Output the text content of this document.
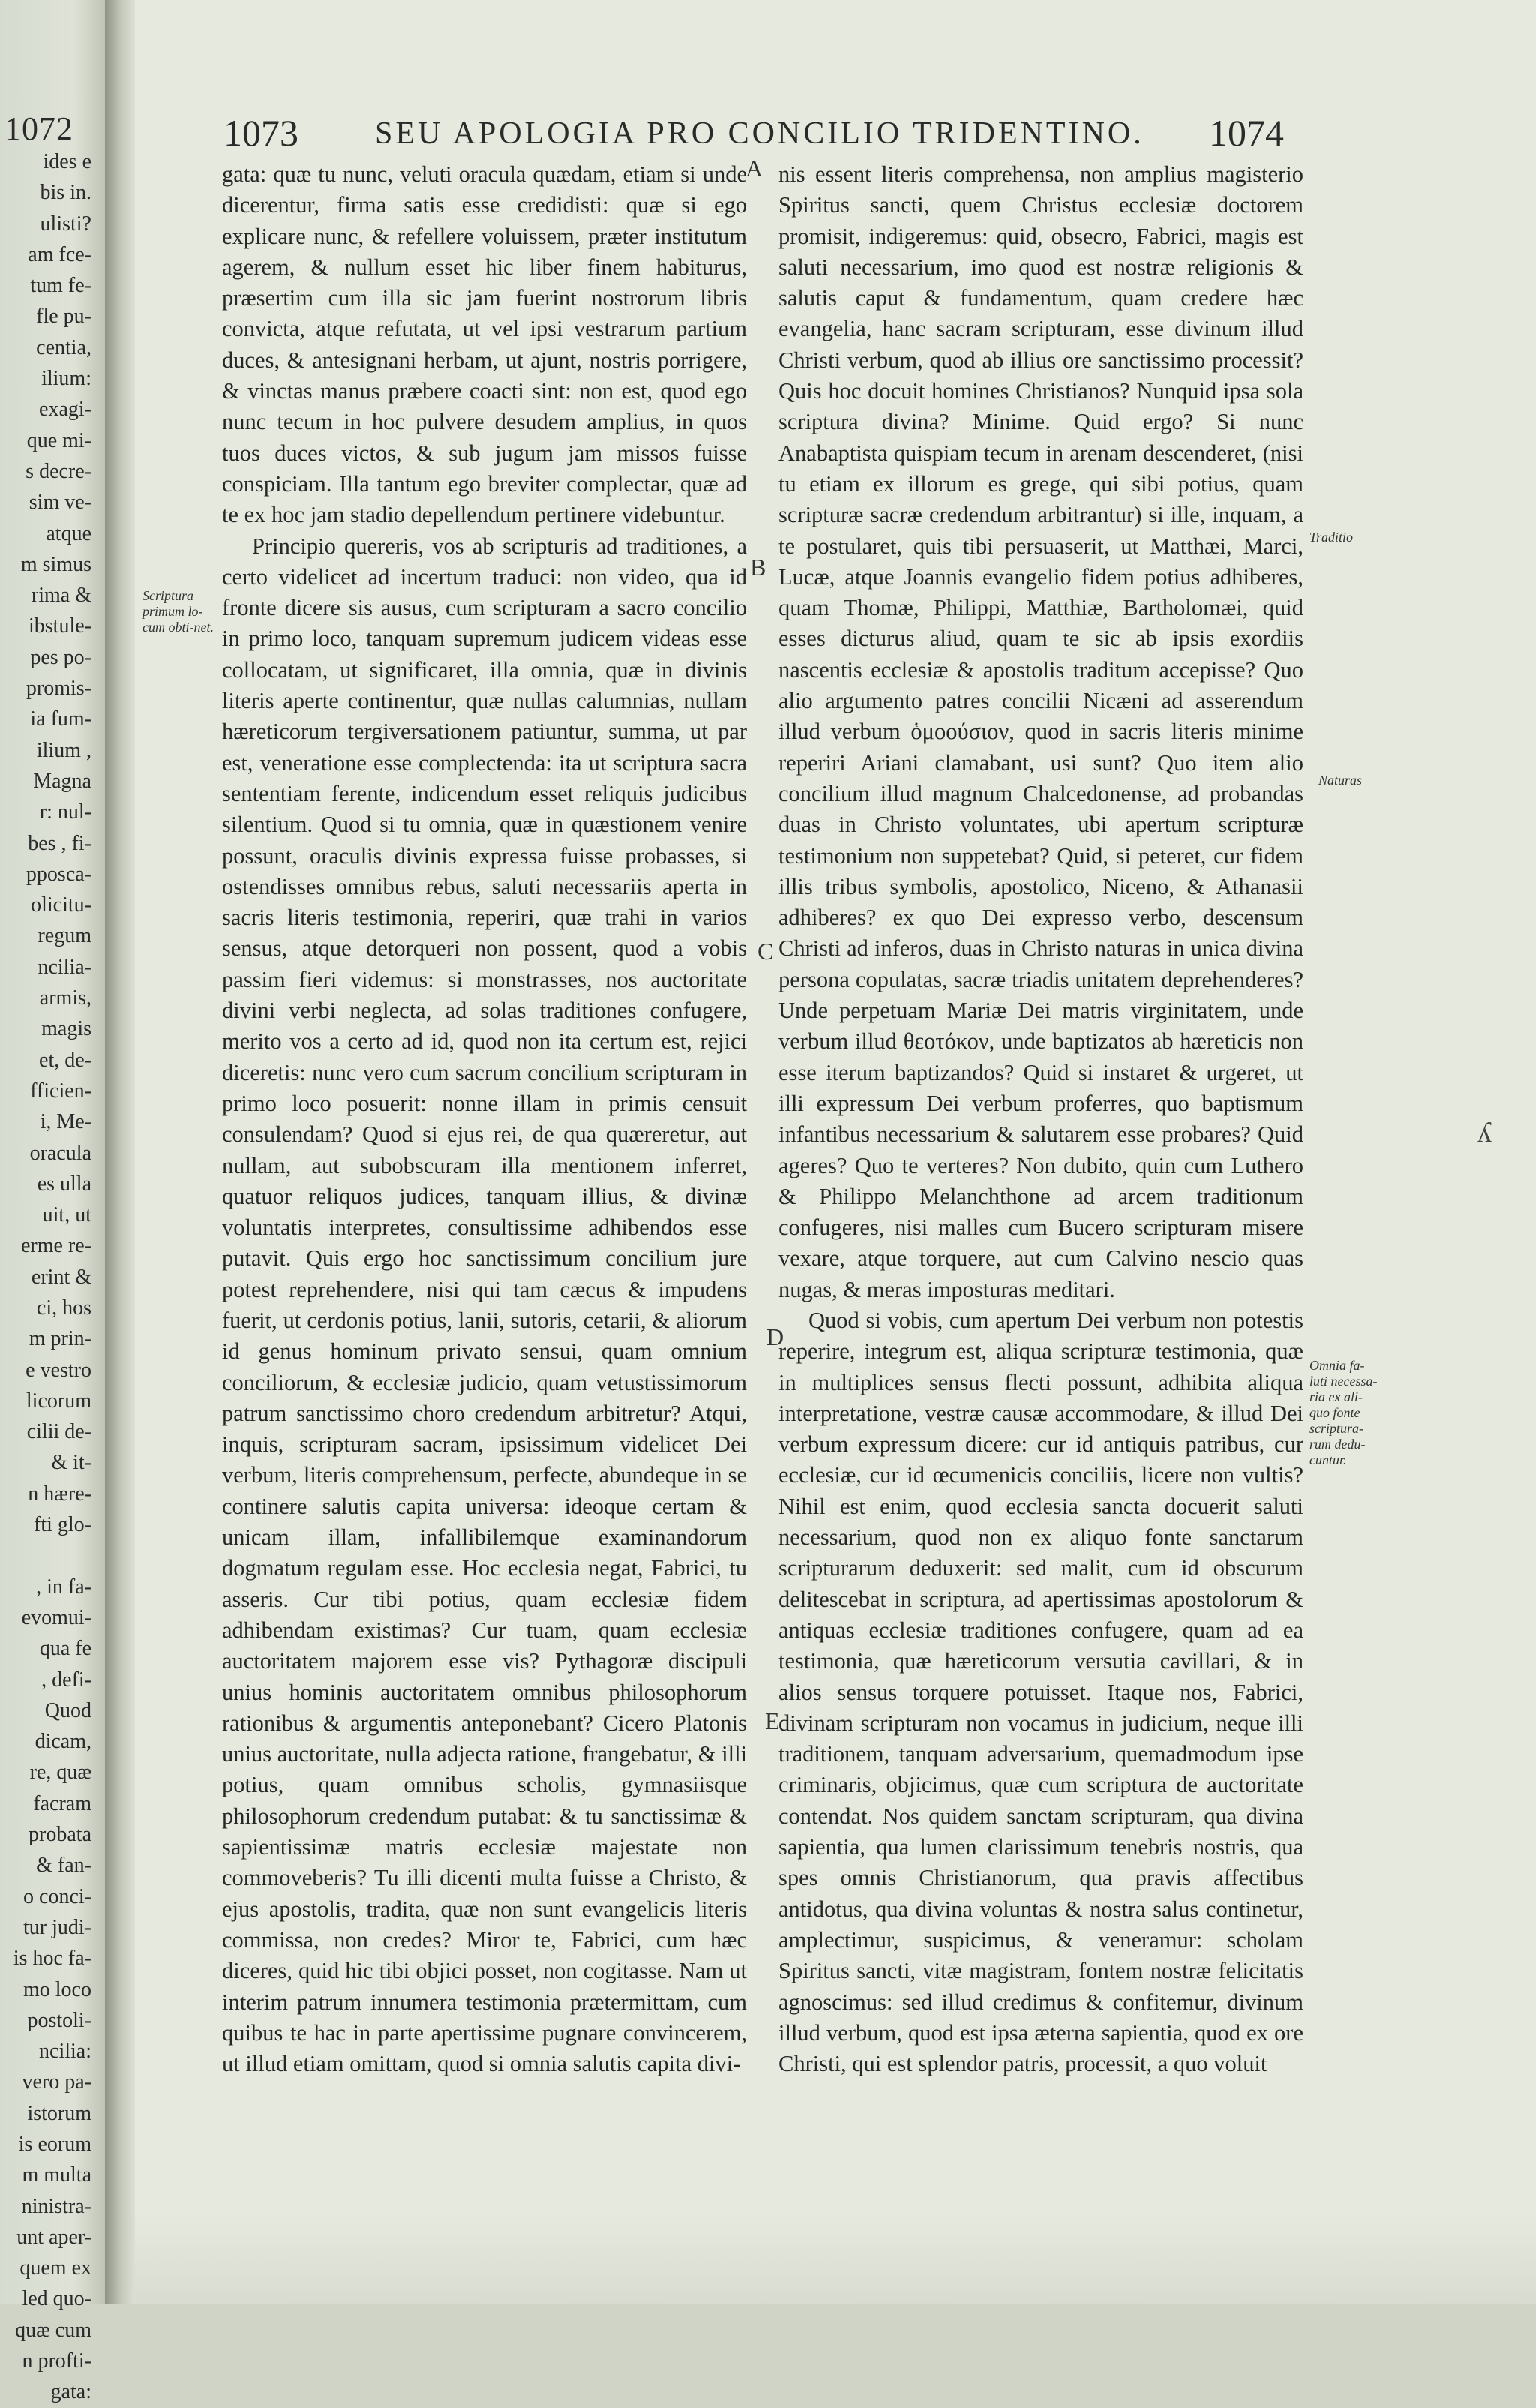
1072
ides e
bis in.
ulisti?
am fce-
tum fe-
fle pu-
centia,
ilium:
exagi-
que mi-
s decre-
sim ve-
atque
m simus
rima &
ibstule-
pes po-
promis-
ia fum-
ilium ,
Magna
r: nul-
bes , fi-
pposca-
olicitu-
regum
ncilia-
armis,
magis
et, de-
fficien-
i, Me-
oracula
es ulla
uit, ut
erme re-
erint &
ci, hos
m prin-
e vestro
licorum
cilii de-
& it-
n hære-
fti glo-

, in fa-
evomui-
qua fe
, defi-
Quod
dicam,
re, quæ
facram
probata
& fan-
o conci-
tur judi-
is hoc fa-
mo loco
postoli-
ncilia:
vero pa-
istorum
is eorum
m multa
ninistra-
unt aper-
quem ex
led quo-
quæ cum
n profti-
gata:
1073 SEU APOLOGIA PRO CONCILIO TRIDENTINO. 1074

gata: quæ tu nunc, veluti oracula quædam, etiam si unde dicerentur, firma satis esse credidisti: quæ si ego explicare nunc, & refellere voluissem, præter institutum agerem, & nullum esset hic liber finem habiturus, præsertim cum illa sic jam fuerint nostrorum libris convicta, atque refutata, ut vel ipsi vestrarum partium duces, & antesignani herbam, ut ajunt, nostris porrigere, & vinctas manus præbere coacti sint: non est, quod ego nunc tecum in hoc pulvere desudem amplius, in quos tuos duces victos, & sub jugum jam missos fuisse conspiciam. Illa tantum ego breviter complectar, quæ ad te ex hoc jam stadio depellendum pertinere videbuntur.

Principio quereris, vos ab scripturis ad traditiones, a certo videlicet ad incertum traduci: non video, qua id fronte dicere sis ausus, cum scripturam a sacro concilio in primo loco, tanquam supremum judicem videas esse collocatam, ut significaret, illa omnia, quæ in divinis literis aperte continentur, quæ nullas calumnias, nullam hæreticorum tergiversationem patiuntur, summa, ut par est, veneratione esse complectenda: ita ut scriptura sacra sententiam ferente, indicendum esset reliquis judicibus silentium. Quod si tu omnia, quæ in quæstionem venire possunt, oraculis divinis expressa fuisse probasses, si ostendisses omnibus rebus, saluti necessariis aperta in sacris literis testimonia, reperiri, quæ trahi in varios sensus, atque detorqueri non possent, quod a vobis passim fieri videmus: si monstrasses, nos auctoritate divini verbi neglecta, ad solas traditiones confugere, merito vos a certo ad id, quod non ita certum est, rejici diceretis: nunc vero cum sacrum concilium scripturam in primo loco posuerit: nonne illam in primis censuit consulendam? Quod si ejus rei, de qua quæreretur, aut nullam, aut subobscuram illa mentionem inferret, quatuor reliquos judices, tanquam illius, & divinæ voluntatis interpretes, consultissime adhibendos esse putavit. Quis ergo hoc sanctissimum concilium jure potest reprehendere, nisi qui tam cæcus & impudens fuerit, ut cerdonis potius, lanii, sutoris, cetarii, & aliorum id genus hominum privato sensui, quam omnium conciliorum, & ecclesiæ judicio, quam vetustissimorum patrum sanctissimo choro credendum arbitretur? Atqui, inquis, scripturam sacram, ipsissimum videlicet Dei verbum, literis comprehensum, perfecte, abundeque in se continere salutis capita universa: ideoque certam & unicam illam, infallibilemque examinandorum dogmatum regulam esse. Hoc ecclesia negat, Fabrici, tu asseris. Cur tibi potius, quam ecclesiæ fidem adhibendam existimas? Cur tuam, quam ecclesiæ auctoritatem majorem esse vis? Pythagoræ discipuli unius hominis auctoritatem omnibus philosophorum rationibus & argumentis anteponebant? Cicero Platonis unius auctoritate, nulla adjecta ratione, frangebatur, & illi potius, quam omnibus scholis, gymnasiisque philosophorum credendum putabat: & tu sanctissimæ & sapientissimæ matris ecclesiæ majestate non commoveberis? Tu illi dicenti multa fuisse a Christo, & ejus apostolis, tradita, quæ non sunt evangelicis literis commissa, non credes? Miror te, Fabrici, cum hæc diceres, quid hic tibi objici posset, non cogitasse. Nam ut interim patrum innumera testimonia prætermittam, cum quibus te hac in parte apertissime pugnare convincerem, ut illud etiam omittam, quod si omnia salutis capita divi-

nis essent literis comprehensa, non amplius magisterio Spiritus sancti, quem Christus ecclesiæ doctorem promisit, indigeremus: quid, obsecro, Fabrici, magis est saluti necessarium, imo quod est nostræ religionis & salutis caput & fundamentum, quam credere hæc evangelia, hanc sacram scripturam, esse divinum illud Christi verbum, quod ab illius ore sanctissimo processit? Quis hoc docuit homines Christianos? Nunquid ipsa sola scriptura divina? Minime. Quid ergo? Si nunc Anabaptista quispiam tecum in arenam descenderet, (nisi tu etiam ex illorum es grege, qui sibi potius, quam scripturæ sacræ credendum arbitrantur) si ille, inquam, a te postularet, quis tibi persuaserit, ut Matthæi, Marci, Lucæ, atque Joannis evangelio fidem potius adhiberes, quam Thomæ, Philippi, Matthiæ, Bartholomæi, quid esses dicturus aliud, quam te sic ab ipsis exordiis nascentis ecclesiæ & apostolis traditum accepisse? Quo alio argumento patres concilii Nicæni ad asserendum illud verbum ὁμοούσιον, quod in sacris literis minime reperiri Ariani clamabant, usi sunt? Quo item alio concilium illud magnum Chalcedonense, ad probandas duas in Christo voluntates, ubi apertum scripturæ testimonium non suppetebat? Quid, si peteret, cur fidem illis tribus symbolis, apostolico, Niceno, & Athanasii adhiberes? ex quo Dei expresso verbo, descensum Christi ad inferos, duas in Christo naturas in unica divina persona copulatas, sacræ triadis unitatem deprehenderes? Unde perpetuam Mariæ Dei matris virginitatem, unde verbum illud θεοτόκον, unde baptizatos ab hæreticis non esse iterum baptizandos? Quid si instaret & urgeret, ut illi expressum Dei verbum proferres, quo baptismum infantibus necessarium & salutarem esse probares? Quid ageres? Quo te verteres? Non dubito, quin cum Luthero & Philippo Melanchthone ad arcem traditionum confugeres, nisi malles cum Bucero scripturam misere vexare, atque torquere, aut cum Calvino nescio quas nugas, & meras imposturas meditari.

Quod si vobis, cum apertum Dei verbum non potestis reperire, integrum est, aliqua scripturæ testimonia, quæ in multiplices sensus flecti possunt, adhibita aliqua interpretatione, vestræ causæ accommodare, & illud Dei verbum expressum dicere: cur id antiquis patribus, cur ecclesiæ, cur id œcumenicis conciliis, licere non vultis? Nihil est enim, quod ecclesia sancta docuerit saluti necessarium, quod non ex aliquo fonte sanctarum scripturarum deduxerit: sed malit, cum id obscurum delitescebat in scriptura, ad apertissimas apostolorum & antiquas ecclesiæ traditiones confugere, quam ad ea testimonia, quæ hæreticorum versutia cavillari, & in alios sensus torquere potuisset. Itaque nos, Fabrici, divinam scripturam non vocamus in judicium, neque illi traditionem, tanquam adversarium, quemadmodum ipse criminaris, objicimus, quæ cum scriptura de auctoritate contendat. Nos quidem sanctam scripturam, qua divina sapientia, qua lumen clarissimum tenebris nostris, qua spes omnis Christianorum, qua pravis affectibus antidotus, qua divina voluntas & nostra salus continetur, amplectimur, suspicimus, & veneramur: scholam Spiritus sancti, vitæ magistram, fontem nostræ felicitatis agnoscimus: sed illud credimus & confitemur, divinum illud verbum, quod est ipsa æterna sapientia, quod ex ore Christi, qui est splendor patris, processit, a quo voluit

A
B
C
D
E
Scriptura primum lo-cum obti-net.
Traditio
Naturas
Omnia fa-luti necessa-ria ex ali-quo fonte scriptura-rum dedu-cuntur.
ʎ
